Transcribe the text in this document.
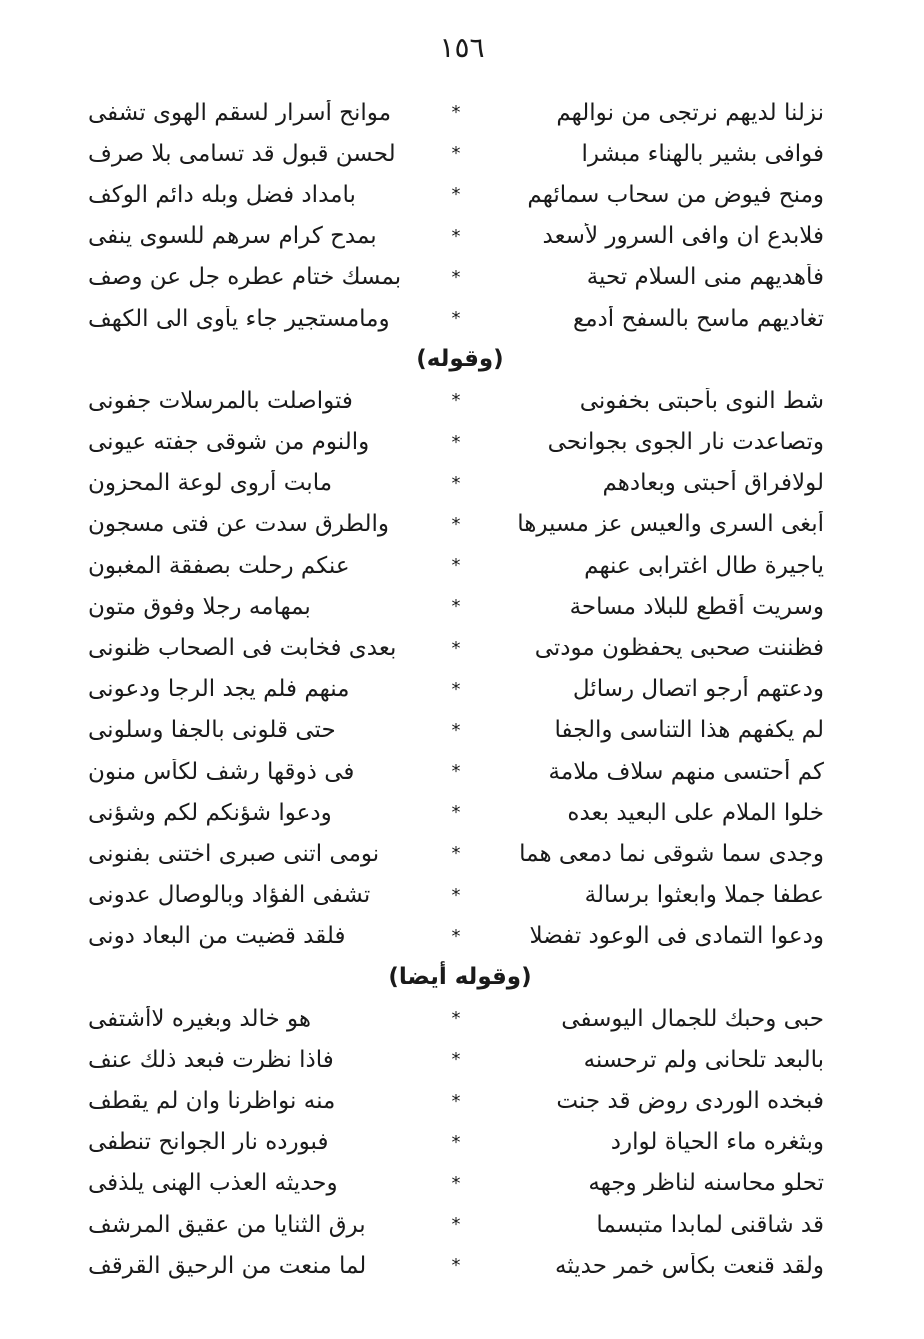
١٥٦
نزلنا لديهم نرتجى من نوالهم
*
موانح أسرار لسقم الهوى تشفى
فوافى بشير بالهناء مبشرا
*
لحسن قبول قد تسامى بلا صرف
ومنح فيوض من سحاب سمائهم
*
بامداد فضل وبله دائم الوكف
فلابدع ان وافى السرور لأسعد
*
بمدح كرام سرهم للسوى ينفى
فأهديهم منى السلام تحية
*
بمسك ختام عطره جل عن وصف
تغاديهم ماسح بالسفح أدمع
*
ومامستجير جاء يأوى الى الكهف
(وقوله)
شط النوى بأحبتى بخفونى
*
فتواصلت بالمرسلات جفونى
وتصاعدت نار الجوى بجوانحى
*
والنوم من شوقى جفته عيونى
لولافراق أحبتى وبعادهم
*
مابت أروى لوعة المحزون
أبغى السرى والعيس عز مسيرها
*
والطرق سدت عن فتى مسجون
ياجيرة طال اغترابى عنهم
*
عنكم رحلت بصفقة المغبون
وسريت أقطع للبلاد مساحة
*
بمهامه رجلا وفوق متون
فظننت صحبى يحفظون مودتى
*
بعدى فخابت فى الصحاب ظنونى
ودعتهم أرجو اتصال رسائل
*
منهم فلم يجد الرجا ودعونى
لم يكفهم هذا التناسى والجفا
*
حتى قلونى بالجفا وسلونى
كم أحتسى منهم سلاف ملامة
*
فى ذوقها رشف لكأس منون
خلوا الملام على البعيد بعده
*
ودعوا شؤنكم لكم وشؤنى
وجدى سما شوقى نما دمعى هما
*
نومى اتنى صبرى اختنى بفنونى
عطفا جملا وابعثوا برسالة
*
تشفى الفؤاد وبالوصال عدونى
ودعوا التمادى فى الوعود تفضلا
*
فلقد قضيت من البعاد دونى
(وقوله أيضا)
حبى وحبك للجمال اليوسفى
*
هو خالد وبغيره لاأشتفى
بالبعد تلحانى ولم ترحسنه
*
فاذا نظرت فبعد ذلك عنف
فبخده الوردى روض قد جنت
*
منه نواظرنا وان لم يقطف
وبثغره ماء الحياة لوارد
*
فبورده نار الجوانح تنطفى
تحلو محاسنه لناظر وجهه
*
وحديثه العذب الهنى يلذفى
قد شاقنى لمابدا متبسما
*
برق الثنايا من عقيق المرشف
ولقد قنعت بكأس خمر حديثه
*
لما منعت من الرحيق القرقف
